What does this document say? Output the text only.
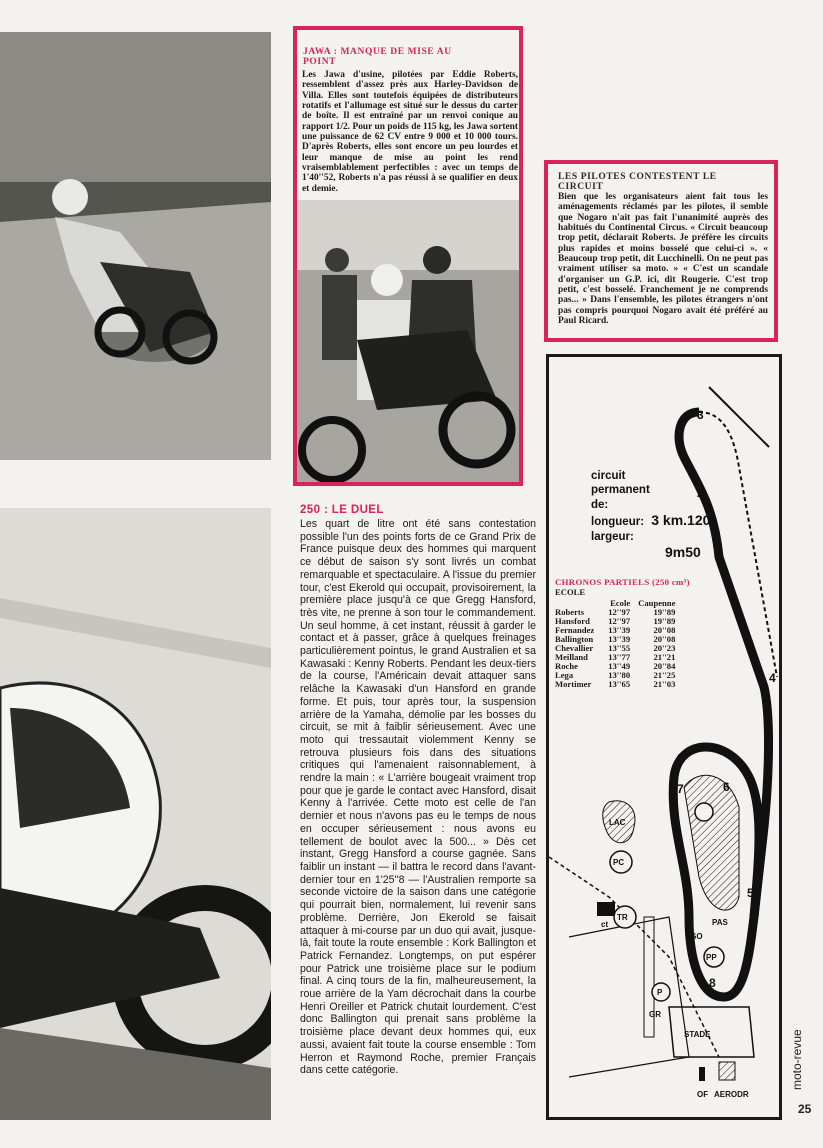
JAWA : MANQUE DE MISE AU POINT

Les Jawa d'usine, pilotées par Eddie Roberts, ressemblent d'assez près aux Harley-Davidson de Villa. Elles sont toutefois équipées de distributeurs rotatifs et l'allumage est situé sur le dessus du carter de boîte. Il est entraîné par un renvoi conique au rapport 1/2. Pour un poids de 115 kg, les Jawa sortent une puissance de 62 CV entre 9 000 et 10 000 tours. D'après Roberts, elles sont encore un peu lourdes et leur manque de mise au point les rend vraisemblablement perfectibles : avec un temps de 1'40''52, Roberts n'a pas réussi à se qualifier en deux et demie.

LES PILOTES CONTESTENT LE CIRCUIT

Bien que les organisateurs aient fait tous les aménagements réclamés par les pilotes, il semble que Nogaro n'ait pas fait l'unanimité auprès des habitués du Continental Circus. « Circuit beaucoup trop petit, déclarait Roberts. Je préfère les circuits plus rapides et moins bosselé que celui-ci ». « Beaucoup trop petit, dit Lucchinelli. On ne peut pas vraiment utiliser sa moto. » « C'est un scandale d'organiser un G.P. ici, dit Rougerie. C'est trop petit, c'est bosselé. Franchement je ne comprends pas... » Dans l'ensemble, les pilotes étrangers n'ont pas compris pourquoi Nogaro avait été préféré au Paul Ricard.

250 : LE DUEL

Les quart de litre ont été sans contestation possible l'un des points forts de ce Grand Prix de France puisque deux des hommes qui marquent ce début de saison s'y sont livrés un combat remarquable et spectaculaire. A l'issue du premier tour, c'est Ekerold qui occupait, provisoirement, la première place jusqu'à ce que Gregg Hansford, très vite, ne prenne à son tour le commandement. Un seul homme, à cet instant, réussit à garder le contact et à passer, grâce à quelques freinages particulièrement pointus, le grand Australien et sa Kawasaki : Kenny Roberts. Pendant les deux-tiers de la course, l'Américain devait attaquer sans relâche la Kawasaki d'un Hansford en grande forme. Et puis, tour après tour, la suspension arrière de la Yamaha, démolie par les bosses du circuit, se mit à faiblir sérieusement. Avec une moto qui tressautait violemment Kenny se retrouva plusieurs fois dans des situations critiques qui l'amenaient raisonnablement, à rendre la main : « L'arrière bougeait vraiment trop pour que je garde le contact avec Hansford, disait Kenny à l'arrivée. Cette moto est celle de l'an dernier et nous n'avons pas eu le temps de nous en occuper sérieusement : nous avons eu tellement de boulot avec la 500... » Dès cet instant, Gregg Hansford a course gagnée. Sans faiblir un instant — il battra le record dans l'avant-dernier tour en 1'25''8 — l'Australien remporte sa seconde victoire de la saison dans une catégorie qui pourrait bien, normalement, lui revenir sans problème. Derrière, Jon Ekerold se faisait attaquer à mi-course par un duo qui avait, jusque-là, fait toute la route ensemble : Kork Ballington et Patrick Fernandez. Longtemps, on put espérer pour Patrick une troisième place sur le podium final. A cinq tours de la fin, malheureusement, la roue arrière de la Yam décrochait dans la courbe Henri Oreiller et Patrick chutait lourdement. C'est donc Ballington qui prenait sans problème la troisième place devant deux hommes qui, eux aussi, avaient fait toute la course ensemble : Tom Herron et Raymond Roche, premier Français dans cette catégorie.

3
2
4
1
6
7
5
8
LAC
STADE
AERODR
OF
PC
TR
ct
SO
PP
P
GR
PAS
circuit
permanent
de:
longueur: 3 km.120
largeur:
9m50
CHRONOS PARTIELS (250 cm³)
ECOLE
	Ecole	Caupenne
Roberts	12''97	19''89
Hansford	12''97	19''89
Fernandez	13''39	20''08
Ballington	13''39	20''08
Chevallier	13''55	20''23
Meilland	13''77	21''21
Roche	13''49	20''84
Lega	13''80	21''25
Mortimer	13''65	21''03
moto-revue
25
